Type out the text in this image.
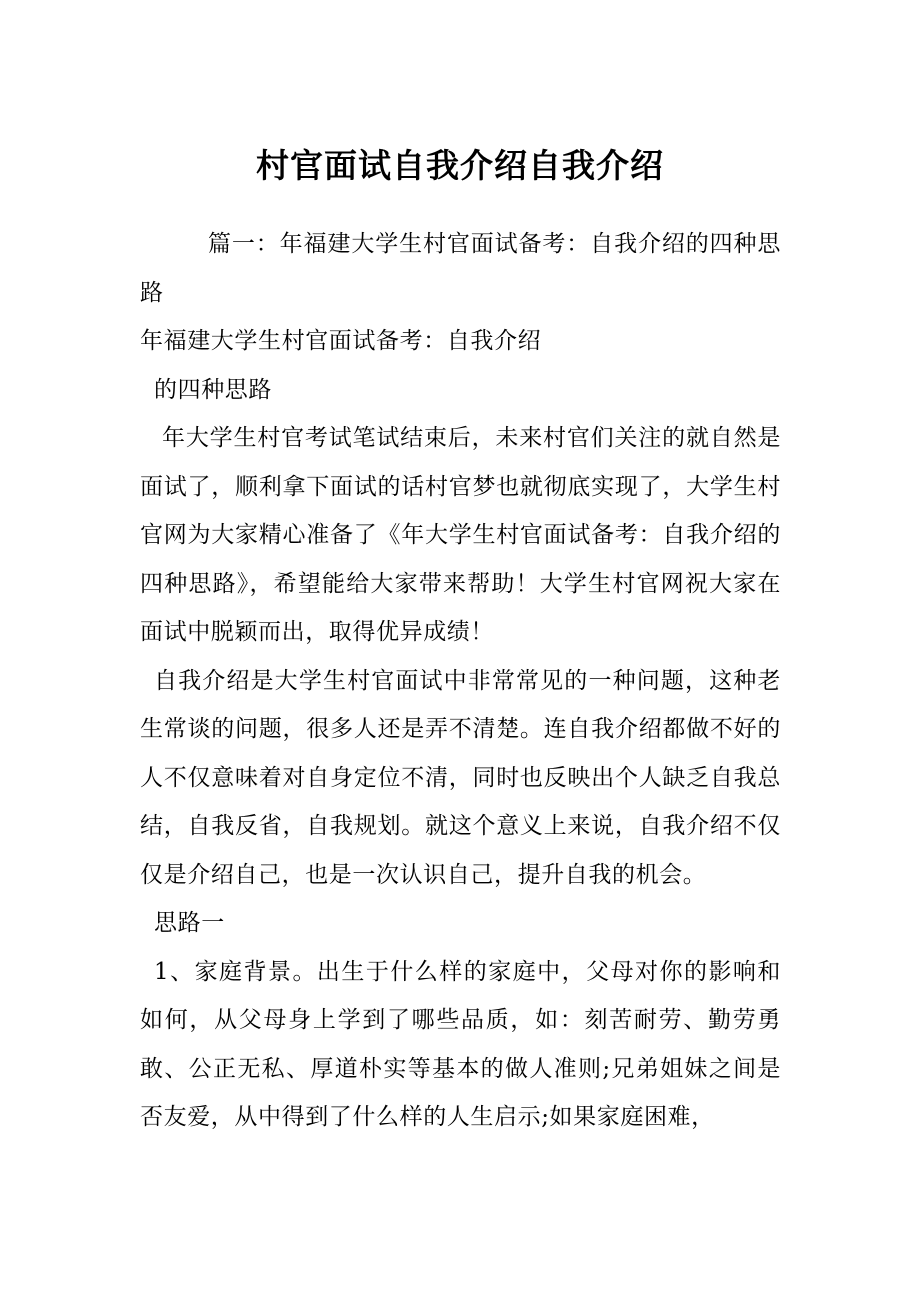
村官面试自我介绍自我介绍

篇一：年福建大学生村官面试备考：自我介绍的四种思路

年福建大学生村官面试备考：自我介绍

的四种思路

年大学生村官考试笔试结束后，未来村官们关注的就自然是面试了，顺利拿下面试的话村官梦也就彻底实现了，大学生村官网为大家精心准备了《年大学生村官面试备考：自我介绍的四种思路》，希望能给大家带来帮助！大学生村官网祝大家在面试中脱颖而出，取得优异成绩！

自我介绍是大学生村官面试中非常常见的一种问题，这种老生常谈的问题，很多人还是弄不清楚。连自我介绍都做不好的人不仅意味着对自身定位不清，同时也反映出个人缺乏自我总结，自我反省，自我规划。就这个意义上来说，自我介绍不仅仅是介绍自己，也是一次认识自己，提升自我的机会。

思路一

1、家庭背景。出生于什么样的家庭中，父母对你的影响和如何，从父母身上学到了哪些品质，如：刻苦耐劳、勤劳勇敢、公正无私、厚道朴实等基本的做人准则;兄弟姐妹之间是否友爱，从中得到了什么样的人生启示;如果家庭困难，
